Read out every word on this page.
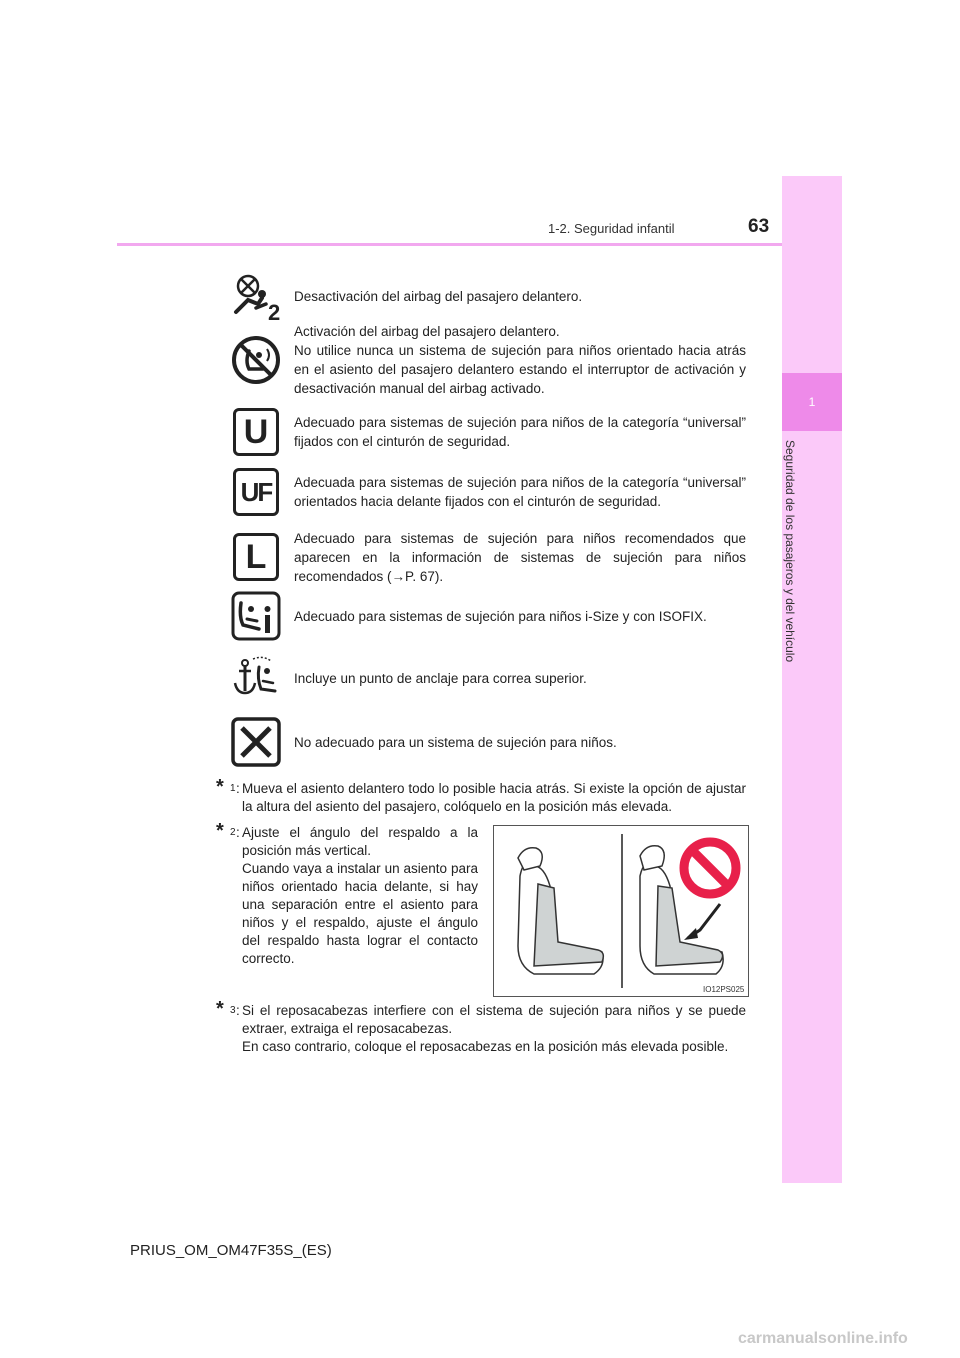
1-2. Seguridad infantil	63
1
Seguridad de los pasajeros y del vehículo
2
Desactivación del airbag del pasajero delantero.
Activación del airbag del pasajero delantero.
No utilice nunca un sistema de sujeción para niños orientado hacia atrás en el asiento del pasajero delantero estando el interruptor de activación y desactivación manual del airbag activado.
U	Adecuado para sistemas de sujeción para niños de la categoría “universal” fijados con el cinturón de seguridad.
UF	Adecuada para sistemas de sujeción para niños de la categoría “universal” orientados hacia delante fijados con el cinturón de seguridad.
L	Adecuado para sistemas de sujeción para niños recomendados que aparecen en la información de sistemas de sujeción para niños recomendados (→P. 67).
Adecuado para sistemas de sujeción para niños i-Size y con ISOFIX.
Incluye un punto de anclaje para correa superior.
No adecuado para un sistema de sujeción para niños.
* 1 : Mueva el asiento delantero todo lo posible hacia atrás. Si existe la opción de ajustar la altura del asiento del pasajero, colóquelo en la posición más elevada.
* 2 : Ajuste el ángulo del respaldo a la posición más vertical.
Cuando vaya a instalar un asiento para niños orientado hacia delante, si hay una separación entre el asiento para niños y el respaldo, ajuste el ángulo del respaldo hasta lograr el contacto correcto.
IO12PS025
* 3 : Si el reposacabezas interfiere con el sistema de sujeción para niños y se puede extraer, extraiga el reposacabezas.
En caso contrario, coloque el reposacabezas en la posición más elevada posible.
PRIUS_OM_OM47F35S_(ES)
carmanualsonline.info
